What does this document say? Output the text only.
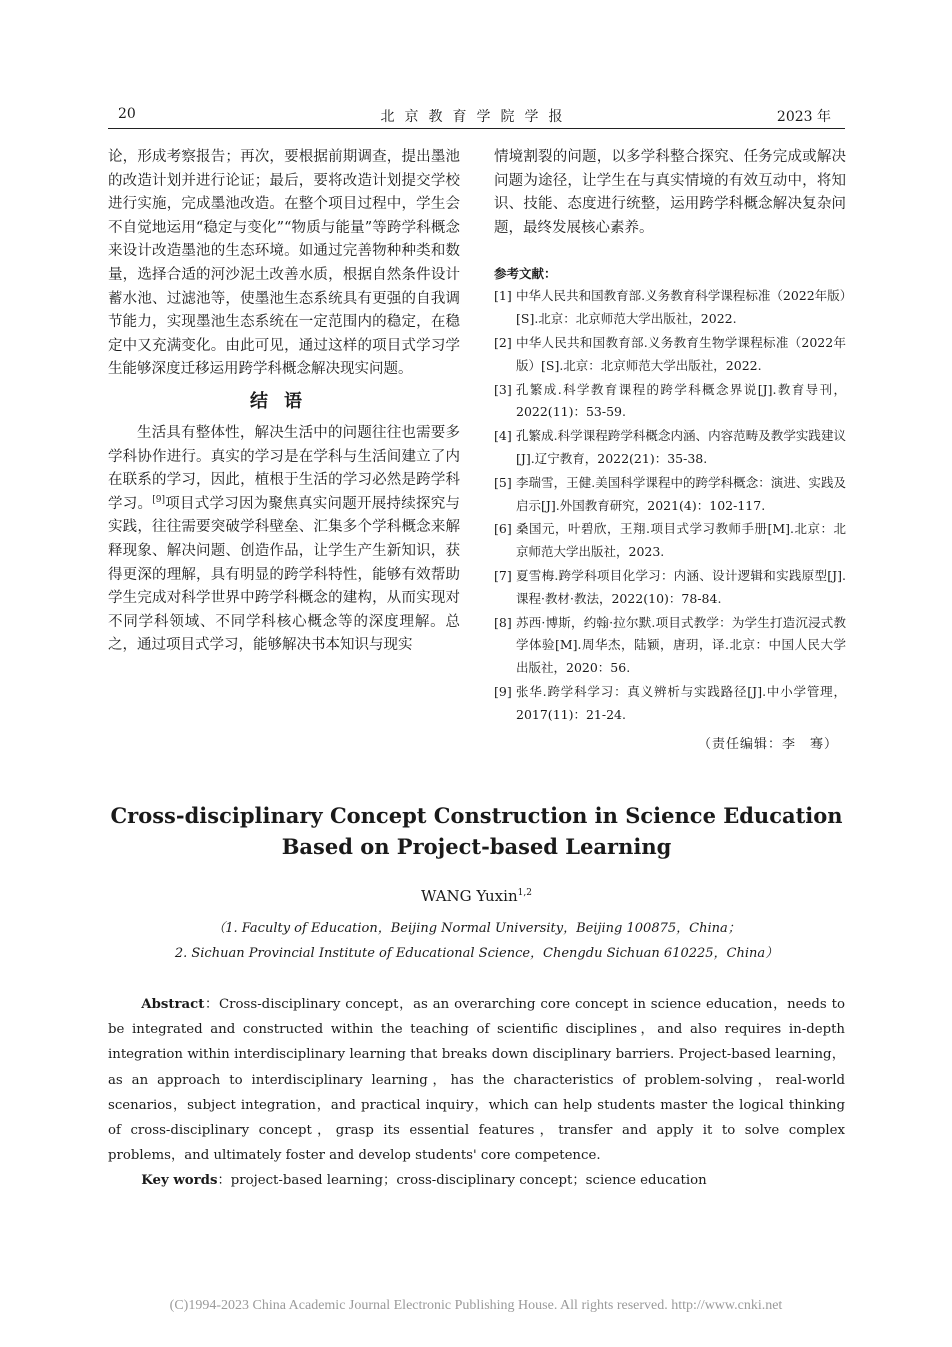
20	北京教育学院学报	2023 年

论，形成考察报告；再次，要根据前期调查，提出墨池的改造计划并进行论证；最后，要将改造计划提交学校进行实施，完成墨池改造。在整个项目过程中，学生会不自觉地运用“稳定与变化”“物质与能量”等跨学科概念来设计改造墨池的生态环境。如通过完善物种种类和数量，选择合适的河沙泥土改善水质，根据自然条件设计蓄水池、过滤池等，使墨池生态系统具有更强的自我调节能力，实现墨池生态系统在一定范围内的稳定，在稳定中又充满变化。由此可见，通过这样的项目式学习学生能够深度迁移运用跨学科概念解决现实问题。

结语

生活具有整体性，解决生活中的问题往往也需要多学科协作进行。真实的学习是在学科与生活间建立了内在联系的学习，因此，植根于生活的学习必然是跨学科学习。[9]项目式学习因为聚焦真实问题开展持续探究与实践，往往需要突破学科壁垒、汇集多个学科概念来解释现象、解决问题、创造作品，让学生产生新知识，获得更深的理解，具有明显的跨学科特性，能够有效帮助学生完成对科学世界中跨学科概念的建构，从而实现对不同学科领域、不同学科核心概念等的深度理解。总之，通过项目式学习，能够解决书本知识与现实

情境割裂的问题，以多学科整合探究、任务完成或解决问题为途径，让学生在与真实情境的有效互动中，将知识、技能、态度进行统整，运用跨学科概念解决复杂问题，最终发展核心素养。

参考文献：
[1] 中华人民共和国教育部.义务教育科学课程标准（2022年版）[S].北京：北京师范大学出版社，2022.
[2] 中华人民共和国教育部.义务教育生物学课程标准（2022年版）[S].北京：北京师范大学出版社，2022.
[3] 孔繁成.科学教育课程的跨学科概念界说[J].教育导刊，2022(11)：53-59.
[4] 孔繁成.科学课程跨学科概念内涵、内容范畴及教学实践建议[J].辽宁教育，2022(21)：35-38.
[5] 李瑞雪，王健.美国科学课程中的跨学科概念：演进、实践及启示[J].外国教育研究，2021(4)：102-117.
[6] 桑国元，叶碧欣，王翔.项目式学习教师手册[M].北京：北京师范大学出版社，2023.
[7] 夏雪梅.跨学科项目化学习：内涵、设计逻辑和实践原型[J].课程·教材·教法，2022(10)：78-84.
[8] 苏西·博斯，约翰·拉尔默.项目式教学：为学生打造沉浸式教学体验[M].周华杰，陆颖，唐玥，译.北京：中国人民大学出版社，2020：56.
[9] 张华.跨学科学习：真义辨析与实践路径[J].中小学管理，2017(11)：21-24.
（责任编辑：李　骞）
Cross-disciplinary Concept Construction in Science Education
Based on Project-based Learning
WANG Yuxin$^{1,2}$
（1. Faculty of Education，Beijing Normal University，Beijing 100875，China；
2. Sichuan Provincial Institute of Educational Science，Chengdu Sichuan 610225，China）

Abstract：Cross-disciplinary concept，as an overarching core concept in science education，needs to be integrated and constructed within the teaching of scientific disciplines，and also requires in-depth integration within interdisciplinary learning that breaks down disciplinary barriers. Project-based learning，as an approach to interdisciplinary learning，has the characteristics of problem-solving，real-world scenarios，subject integration，and practical inquiry，which can help students master the logical thinking of cross-disciplinary concept，grasp its essential features，transfer and apply it to solve complex problems，and ultimately foster and develop students' core competence.

Key words：project-based learning；cross-disciplinary concept；science education
(C)1994-2023 China Academic Journal Electronic Publishing House. All rights reserved. http://www.cnki.net
